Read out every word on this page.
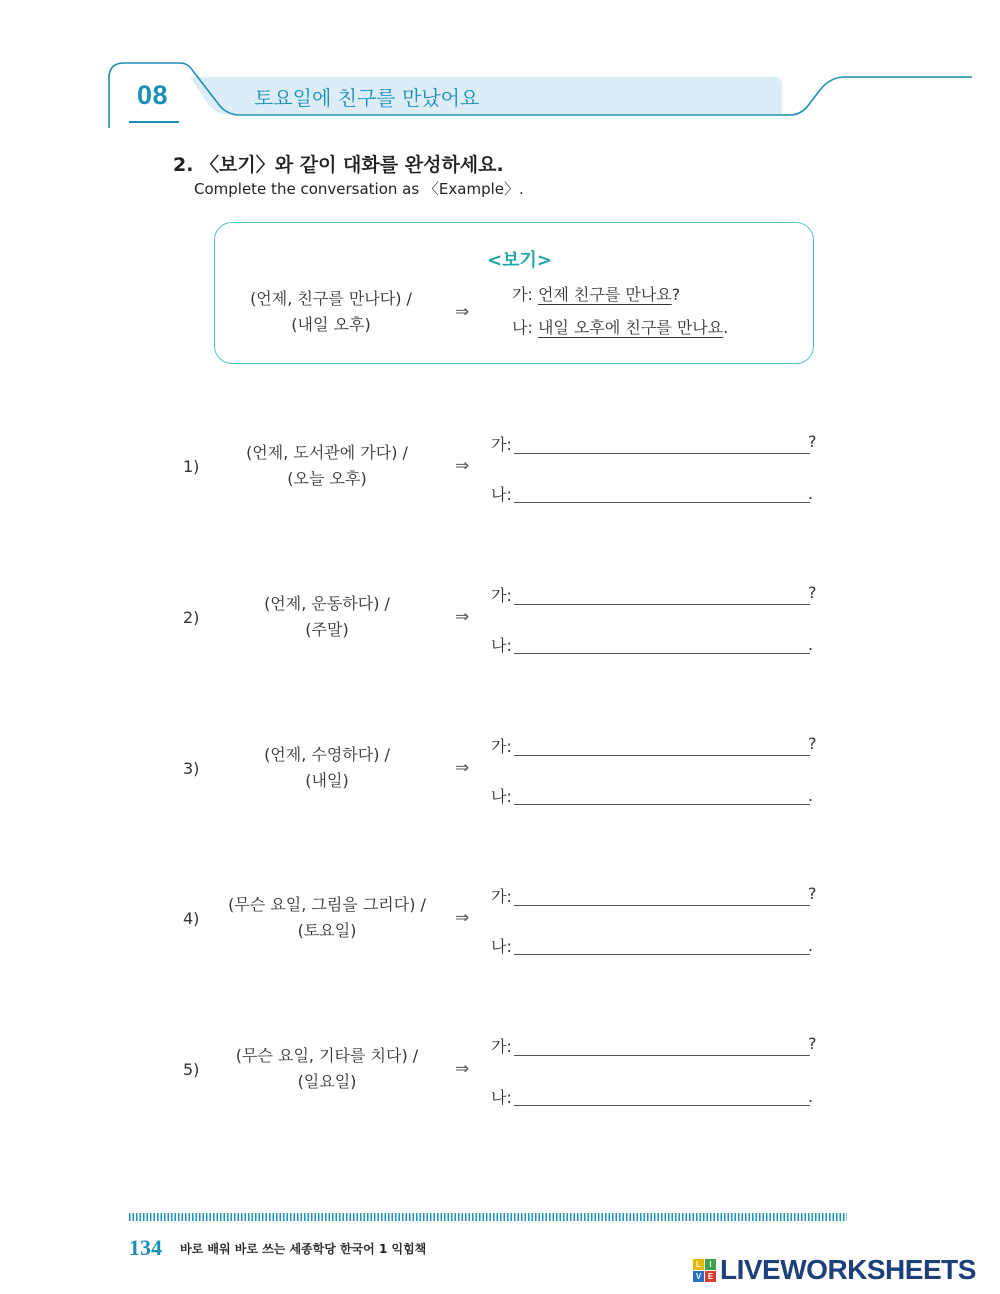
08	토요일에 친구를 만났어요
2. 〈보기〉와 같이 대화를 완성하세요.
Complete the conversation as 〈Example〉.
<보기>
(언제, 친구를 만나다) /
(내일 오후)
⇒
가: 언제 친구를 만나요?
나: 내일 오후에 친구를 만나요.
1)
(언제, 도서관에 가다) /
(오늘 오후)
⇒
가:	?
나:	.
2)
(언제, 운동하다) /
(주말)
⇒
가:	?
나:	.
3)
(언제, 수영하다) /
(내일)
⇒
가:	?
나:	.
4)
(무슨 요일, 그림을 그리다) /
(토요일)
⇒
가:	?
나:	.
5)
(무슨 요일, 기타를 치다) /
(일요일)
⇒
가:	?
나:	.
134 바로 배워 바로 쓰는 세종학당 한국어 1 익힘책
L	I
V E LIVEWORKSHEETS
